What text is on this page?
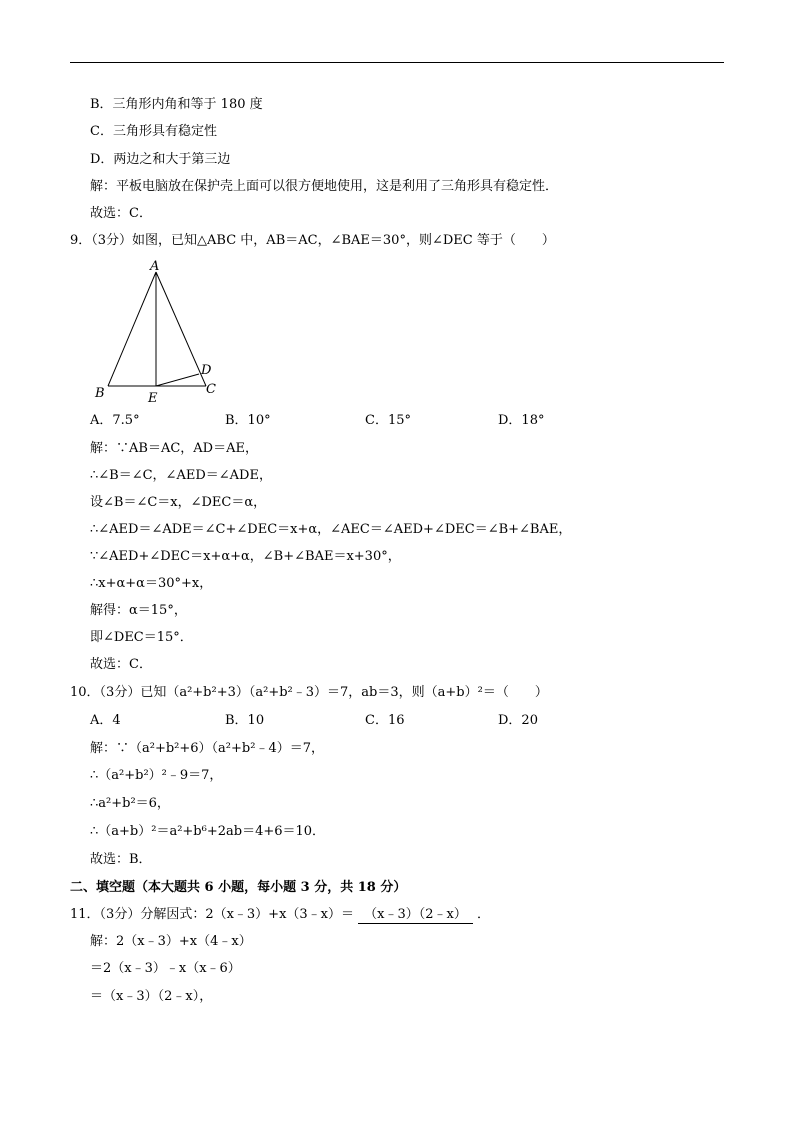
B．三角形内角和等于 180 度
C．三角形具有稳定性
D．两边之和大于第三边
解：平板电脑放在保护壳上面可以很方便地使用，这是利用了三角形具有稳定性．
故选：C．
9．（3分）如图，已知△ABC 中，AB＝AC，∠BAE＝30°，则∠DEC 等于（　　）
A
B	C
D
E
A．7.5°	B．10°	C．15°	D．18°
解：∵AB＝AC，AD＝AE，
∴∠B＝∠C，∠AED＝∠ADE，
设∠B＝∠C＝x，∠DEC＝α，
∴∠AED＝∠ADE＝∠C+∠DEC＝x+α，∠AEC＝∠AED+∠DEC＝∠B+∠BAE，
∵∠AED+∠DEC＝x+α+α，∠B+∠BAE＝x+30°，
∴x+α+α＝30°+x，
解得：α＝15°，
即∠DEC＝15°．
故选：C．
10．（3分）已知（a²+b²+3）（a²+b²﹣3）＝7，ab＝3，则（a+b）²＝（　　）
A．4	B．10	C．16	D．20
解：∵（a²+b²+6）（a²+b²﹣4）＝7，
∴（a²+b²）²﹣9＝7，
∴a²+b²＝6，
∴（a+b）²＝a²+b⁶+2ab＝4+6＝10．
故选：B．
二、填空题（本大题共 6 小题，每小题 3 分，共 18 分）
11．（3分）分解因式：2（x﹣3）+x（3﹣x）＝ （x﹣3）（2﹣x） ．
解：2（x﹣3）+x（4﹣x）
＝2（x﹣3）﹣x（x﹣6）
＝（x﹣3）（2﹣x），
